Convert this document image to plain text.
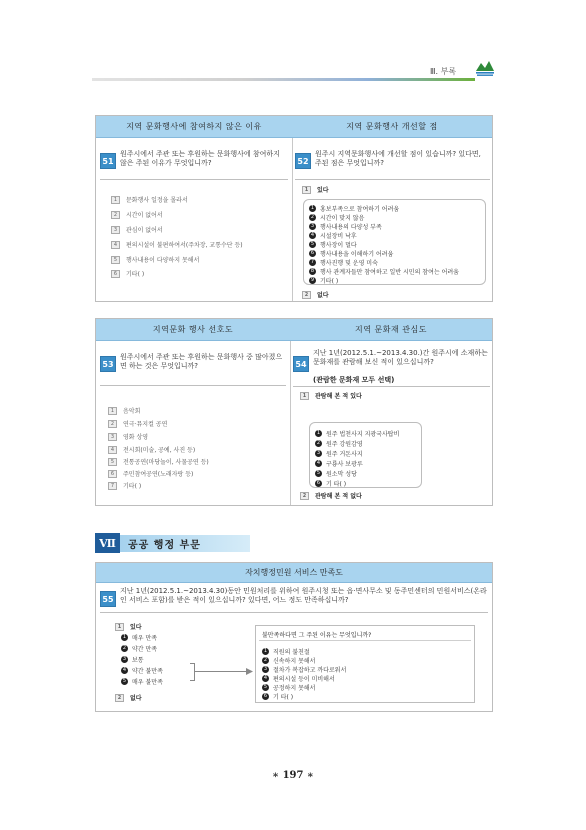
Ⅲ. 부록
지역 문화행사에 참여하지 않은 이유	지역 문화행사 개선할 점
51
원주시에서 주관 또는 후원하는 문화행사에 참여하지 않은 주된 이유가 무엇입니까?
1	문화행사 일정을 몰라서
2	시간이 없어서
3	관심이 없어서
4	편의시설이 불편하여서(주차장, 교통수단 등)
5	행사내용이 다양하지 못해서
6	기타( )
52
원주시 지역문화행사에 개선할 점이 있습니까? 있다면, 주된 점은 무엇입니까?
1	있다
1 홍보부족으로 참여하기 어려움
2 시간이 맞지 않음
3 행사내용의 다양성 부족
4 시설장비 낙후
5 행사장이 멀다
6 행사내용을 이해하기 어려움
7 행사진행 및 운영 미숙
8 행사 관계자들만 참여하고 일반 시민의 참여는 어려움
9 기타( )
2	없다
지역문화 행사 선호도	지역 문화재 관심도
53
원주시에서 주관 또는 후원하는 문화행사 중 많아졌으면 하는 것은 무엇입니까?
1	음악회
2	연극·뮤지컬 공연
3	영화 상영
4	전시회(미술, 공예, 사진 등)
5	전통공연(마당놀이, 사물공연 등)
6	주민참여공연(노래자랑 등)
7	기타( )
54
지난 1년(2012.5.1.~2013.4.30.)간 원주시에 소재하는 문화재를 관람해 보신 적이 있으십니까?
(관람한 문화재 모두 선택)
1	관람해 본 적 있다
1 원주 법천사지 지광국사탑비
2 원주 강원감영
3 원주 거돈사지
4 구룡사 보광루
5 원소막 성당
6 기 타( )
2	관람해 본 적 없다
Ⅶ	공공 행정 부문
자치행정민원 서비스 만족도
55
지난 1년(2012.5.1.~2013.4.30)동안 민원처리를 위하여 원주시청 또는 읍·면사무소 및 동주민센터의 민원서비스(온라인 서비스 포함)를 받은 적이 있으십니까? 있다면, 어느 정도 만족하십니까?
1	있다
1 매우 만족
2 약간 만족
3 보통
4 약간 불만족
5 매우 불만족
2	없다
불만족하다면 그 주된 이유는 무엇입니까?
1 직원의 불친절
2 신속하지 못해서
3 절차가 복잡하고 까다로워서
4 편의시설 등이 미비해서
5 공정하지 못해서
6 기 타( )
∗ 197 ∗
